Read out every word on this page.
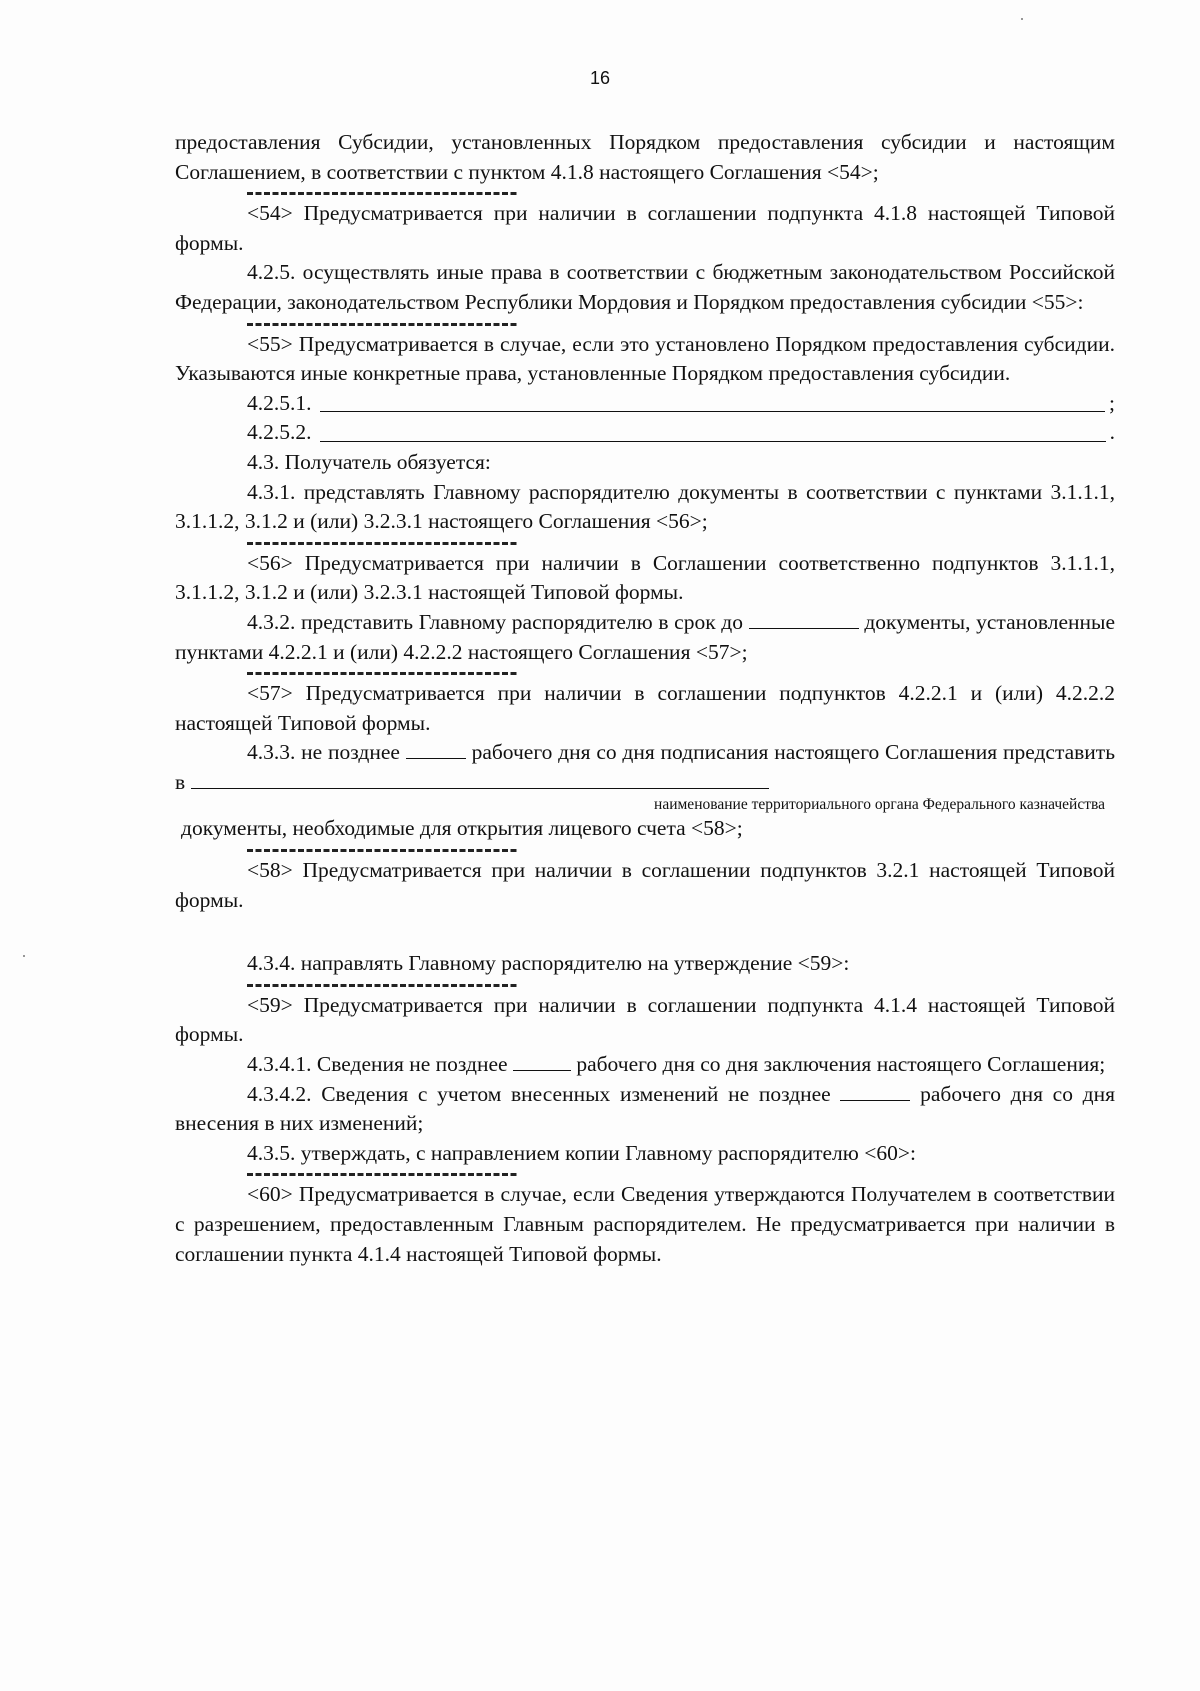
16

предоставления Субсидии, установленных Порядком предоставления субсидии и настоящим Соглашением, в соответствии с пунктом 4.1.8 настоящего Соглашения <54>;

<54> Предусматривается при наличии в соглашении подпункта 4.1.8 настоящей Типовой формы.

4.2.5. осуществлять иные права в соответствии с бюджетным законодательством Российской Федерации, законодательством Республики Мордовия и Порядком предоставления субсидии <55>:

<55> Предусматривается в случае, если это установлено Порядком предоставления субсидии. Указываются иные конкретные права, установленные Порядком предоставления субсидии.

4.2.5.1.	;
4.2.5.2.	.

4.3. Получатель обязуется:

4.3.1. представлять Главному распорядителю документы в соответствии с пунктами 3.1.1.1, 3.1.1.2, 3.1.2 и (или) 3.2.3.1 настоящего Соглашения <56>;

<56> Предусматривается при наличии в Соглашении соответственно подпунктов 3.1.1.1, 3.1.1.2, 3.1.2 и (или) 3.2.3.1 настоящей Типовой формы.

4.3.2. представить Главному распорядителю в срок до	документы, установленные пунктами 4.2.2.1 и (или) 4.2.2.2 настоящего Соглашения <57>;

<57> Предусматривается при наличии в соглашении подпунктов 4.2.2.1 и (или) 4.2.2.2 настоящей Типовой формы.

4.3.3. не позднее	рабочего дня со дня подписания настоящего Соглашения представить в

наименование территориального органа Федерального казначейства

документы, необходимые для открытия лицевого счета <58>;

<58> Предусматривается при наличии в соглашении подпунктов 3.2.1 настоящей Типовой формы.

4.3.4. направлять Главному распорядителю на утверждение <59>:

<59> Предусматривается при наличии в соглашении подпункта 4.1.4 настоящей Типовой формы.

4.3.4.1. Сведения не позднее	рабочего дня со дня заключения настоящего Соглашения;

4.3.4.2. Сведения с учетом внесенных изменений не позднее	рабочего дня со дня внесения в них изменений;

4.3.5. утверждать, с направлением копии Главному распорядителю <60>:

<60> Предусматривается в случае, если Сведения утверждаются Получателем в соответствии с разрешением, предоставленным Главным распорядителем. Не предусматривается при наличии в соглашении пункта 4.1.4 настоящей Типовой формы.
